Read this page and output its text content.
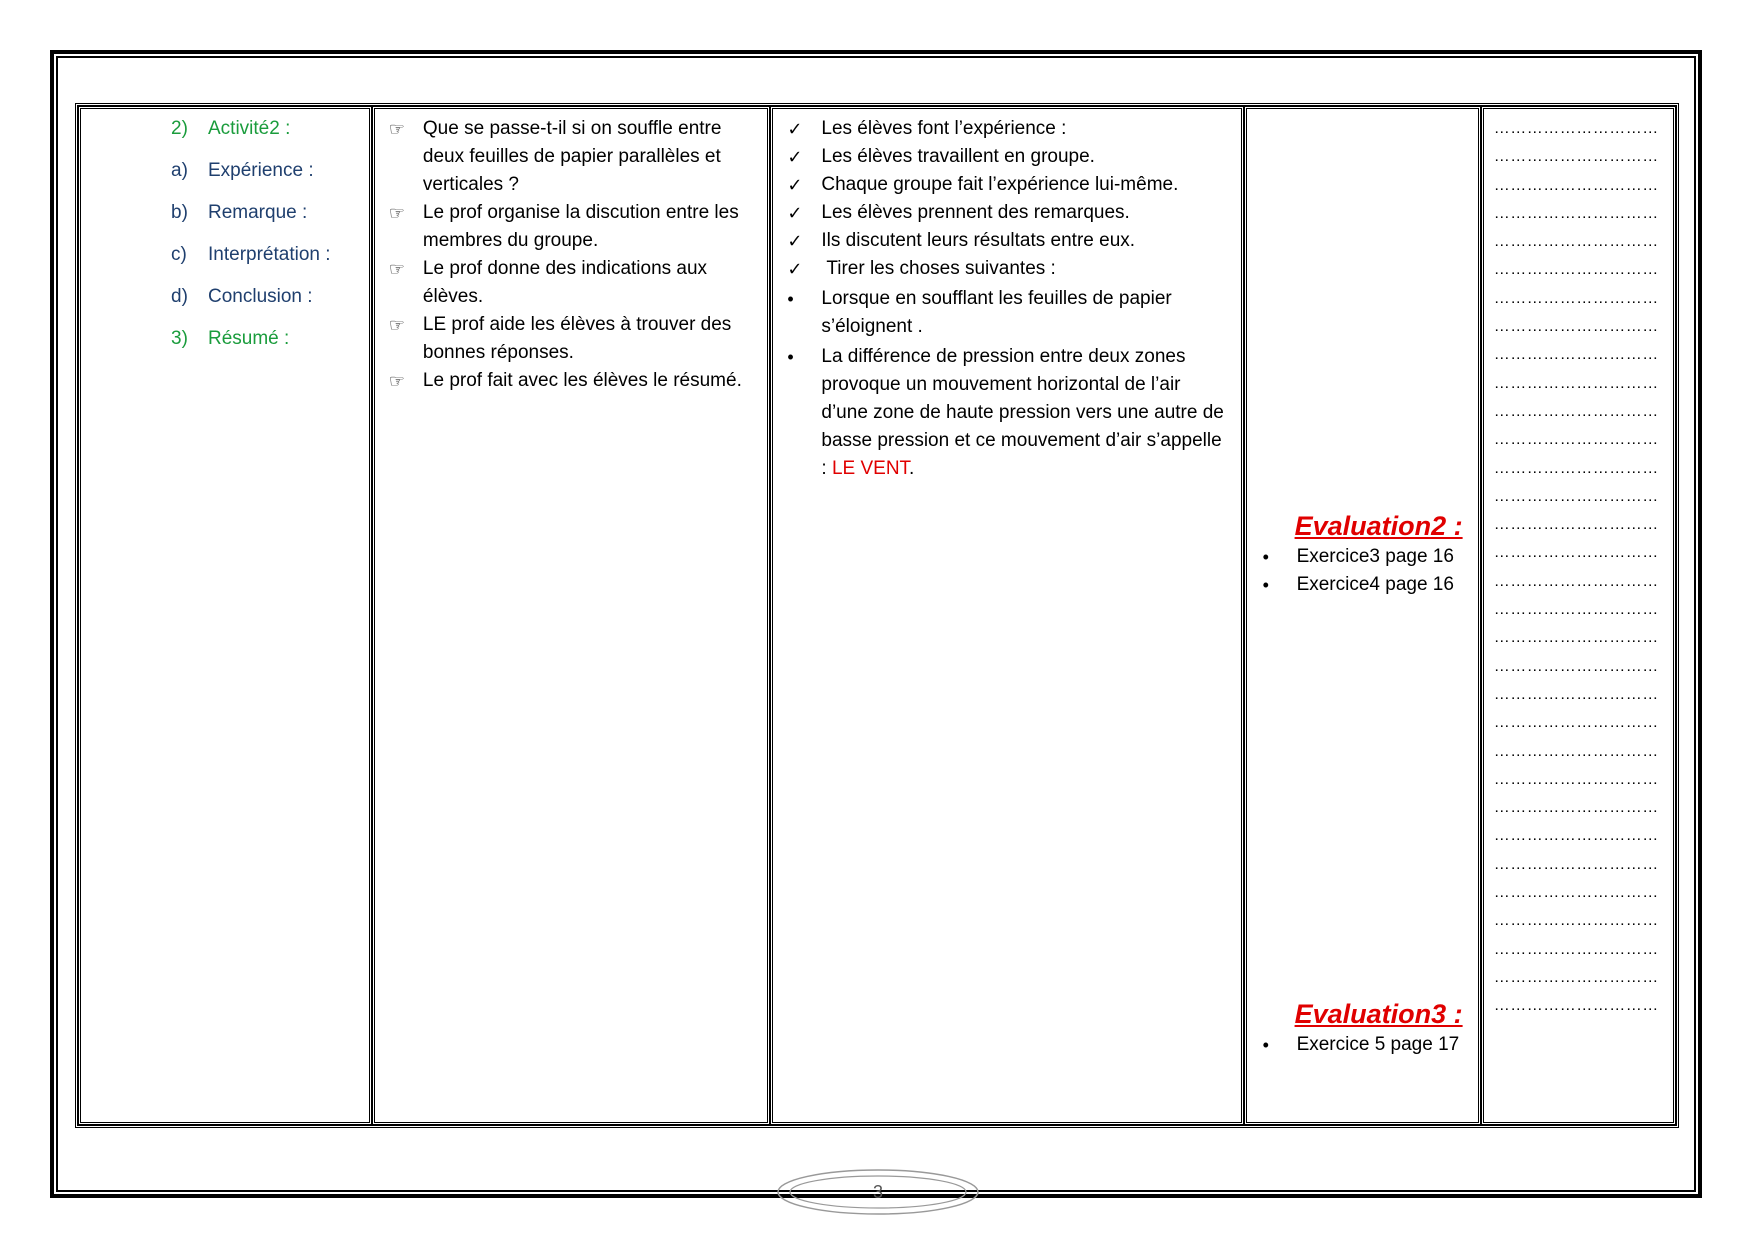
2)	Activité2 :
a)	Expérience :
b)	Remarque :
c)	Interprétation :
d)	Conclusion :
3)	Résumé :
☞ Que se passe-t-il si on souffle entre deux feuilles de papier parallèles et verticales ?
☞ Le prof organise la discution entre les membres du groupe.
☞ Le prof donne des indications aux élèves.
☞ LE prof aide les élèves à trouver des bonnes réponses.
☞ Le prof fait avec les élèves le résumé.
✓ Les élèves font l’expérience :
✓ Les élèves travaillent en groupe.
✓ Chaque groupe fait l’expérience lui-même.
✓ Les élèves prennent des remarques.
✓ Ils discutent leurs résultats entre eux.
✓ Tirer les choses suivantes :
•	Lorsque en soufflant les feuilles de papier s’éloignent .
•	La différence de pression entre deux zones provoque un mouvement horizontal de l’air d’une zone de haute pression vers une autre de basse pression et ce mouvement d’air s’appelle : LE VENT.
Evaluation2 :
•	Exercice3 page 16
•	Exercice4 page 16
Evaluation3 :
•	Exercice 5 page 17
…………………………
…………………………
…………………………
…………………………
…………………………
…………………………
…………………………
…………………………
…………………………
…………………………
…………………………
…………………………
…………………………
…………………………
…………………………
…………………………
…………………………
…………………………
…………………………
…………………………
…………………………
…………………………
…………………………
…………………………
…………………………
…………………………
…………………………
…………………………
…………………………
…………………………
…………………………
…………………………
3
